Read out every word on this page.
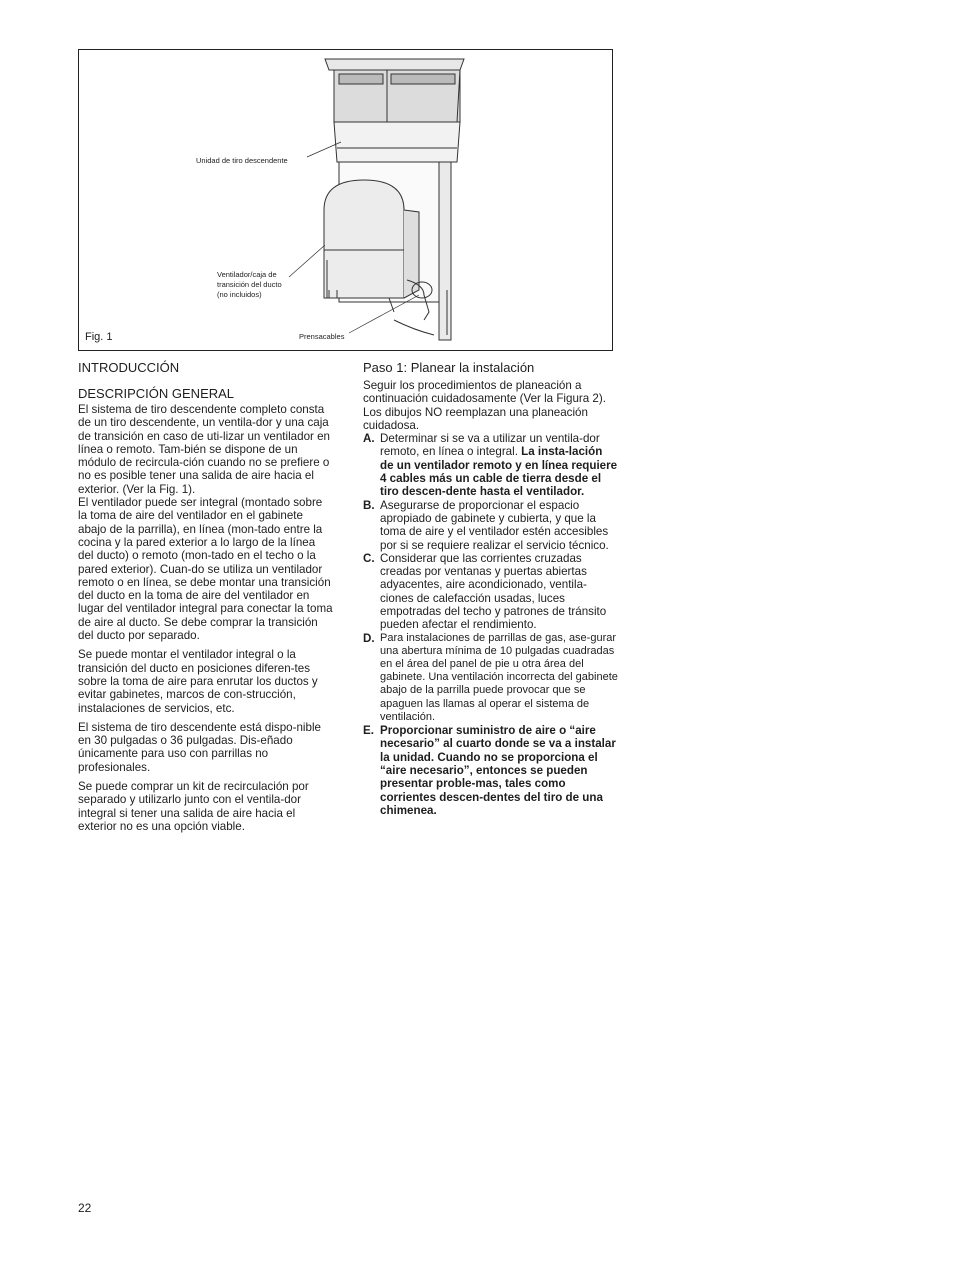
Unidad de tiro descendente
Ventilador/caja de
transición del ducto
(no incluidos)
Prensacables
Fig. 1
INTRODUCCIÓN
DESCRIPCIÓN GENERAL

El sistema de tiro descendente completo consta de un tiro descendente, un ventila-dor y una caja de transición en caso de uti-lizar un ventilador en línea o remoto. Tam-bién se dispone de un módulo de recircula-ción cuando no se prefiere o no es posible tener una salida de aire hacia el exterior. (Ver la Fig. 1).

El ventilador puede ser integral (montado sobre la toma de aire del ventilador en el gabinete abajo de la parrilla), en línea (mon-tado entre la cocina y la pared exterior a lo largo de la línea del ducto) o remoto (mon-tado en el techo o la pared exterior). Cuan-do se utiliza un ventilador remoto o en línea, se debe montar una transición del ducto en la toma de aire del ventilador en lugar del ventilador integral para conectar la toma de aire al ducto. Se debe comprar la transición del ducto por separado.

Se puede montar el ventilador integral o la transición del ducto en posiciones diferen-tes sobre la toma de aire para enrutar los ductos y evitar gabinetes, marcos de con-strucción, instalaciones de servicios, etc.

El sistema de tiro descendente está dispo-nible en 30 pulgadas o 36 pulgadas. Dis-eñado únicamente para uso con parrillas no profesionales.

Se puede comprar un kit de recirculación por separado y utilizarlo junto con el ventila-dor integral si tener una salida de aire hacia el exterior no es una opción viable.

Paso 1: Planear la instalación

Seguir los procedimientos de planeación a continuación cuidadosamente (Ver la Figura 2). Los dibujos NO reemplazan una planeación cuidadosa.

A. Determinar si se va a utilizar un ventila-dor remoto, en línea o integral. La insta-lación de un ventilador remoto y en línea requiere 4 cables más un cable de tierra desde el tiro descen-dente hasta el ventilador.
B. Asegurarse de proporcionar el espacio apropiado de gabinete y cubierta, y que la toma de aire y el ventilador estén accesibles por si se requiere realizar el servicio técnico.
C. Considerar que las corrientes cruzadas creadas por ventanas y puertas abiertas adyacentes, aire acondicionado, ventila-ciones de calefacción usadas, luces empotradas del techo y patrones de tránsito pueden afectar el rendimiento.
D. Para instalaciones de parrillas de gas, ase-gurar una abertura mínima de 10 pulgadas cuadradas en el área del panel de pie u otra área del gabinete. Una ventilación incorrecta del gabinete abajo de la parrilla puede provocar que se apaguen las llamas al operar el sistema de ventilación.
E. Proporcionar suministro de aire o “aire necesario” al cuarto donde se va a instalar la unidad. Cuando no se proporciona el “aire necesario”, entonces se pueden presentar proble-mas, tales como corrientes descen-dentes del tiro de una chimenea.
22
